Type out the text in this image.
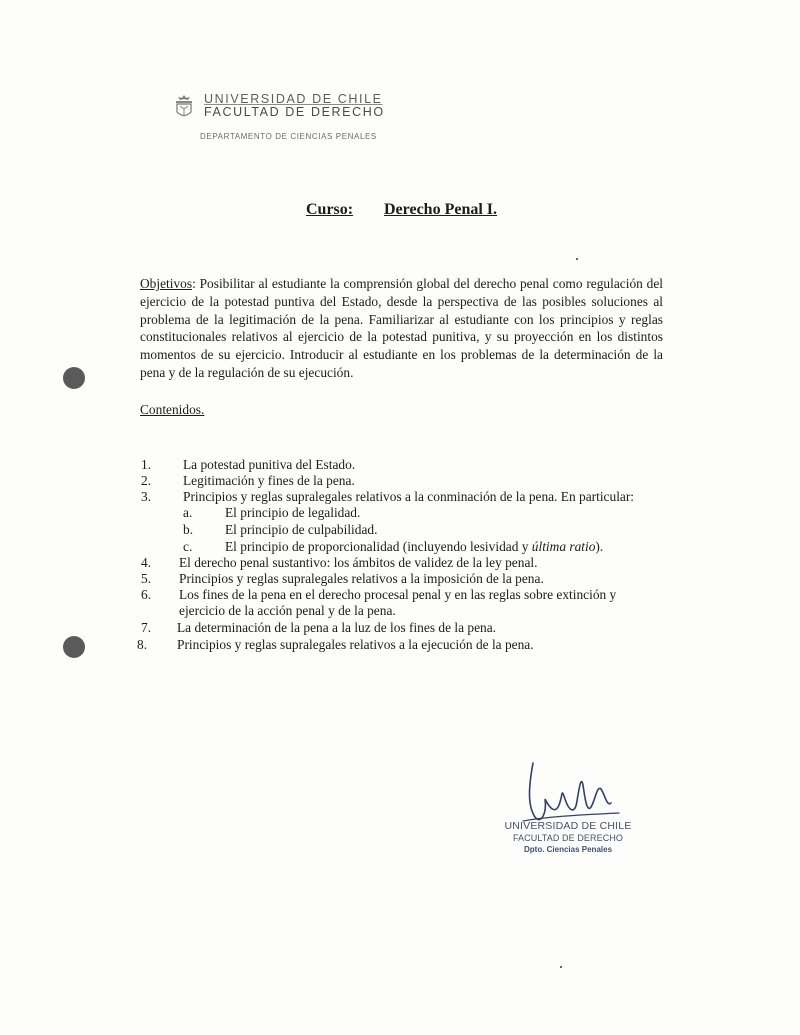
UNIVERSIDAD DE CHILE
FACULTAD DE DERECHO
DEPARTAMENTO DE CIENCIAS PENALES
Curso: Derecho Penal I.
Objetivos: Posibilitar al estudiante la comprensión global del derecho penal como regulación del ejercicio de la potestad puntiva del Estado, desde la perspectiva de las posibles soluciones al problema de la legitimación de la pena. Familiarizar al estudiante con los principios y reglas constitucionales relativos al ejercicio de la potestad punitiva, y su proyección en los distintos momentos de su ejercicio. Introducir al estudiante en los problemas de la determinación de la pena y de la regulación de su ejecución.
Contenidos.
1.	La potestad punitiva del Estado.
2.	Legitimación y fines de la pena.
3.	Principios y reglas supralegales relativos a la conminación de la pena. En particular:
a.	El principio de legalidad.
b.	El principio de culpabilidad.
c.	El principio de proporcionalidad (incluyendo lesividad y última ratio).
4.	El derecho penal sustantivo: los ámbitos de validez de la ley penal.
5.	Principios y reglas supralegales relativos a la imposición de la pena.
6.	Los fines de la pena en el derecho procesal penal y en las reglas sobre extinción y
ejercicio de la acción penal y de la pena.
7.	La determinación de la pena a la luz de los fines de la pena.
8.	Principios y reglas supralegales relativos a la ejecución de la pena.
UNIVERSIDAD DE CHILE
FACULTAD DE DERECHO
Dpto. Ciencias Penales
